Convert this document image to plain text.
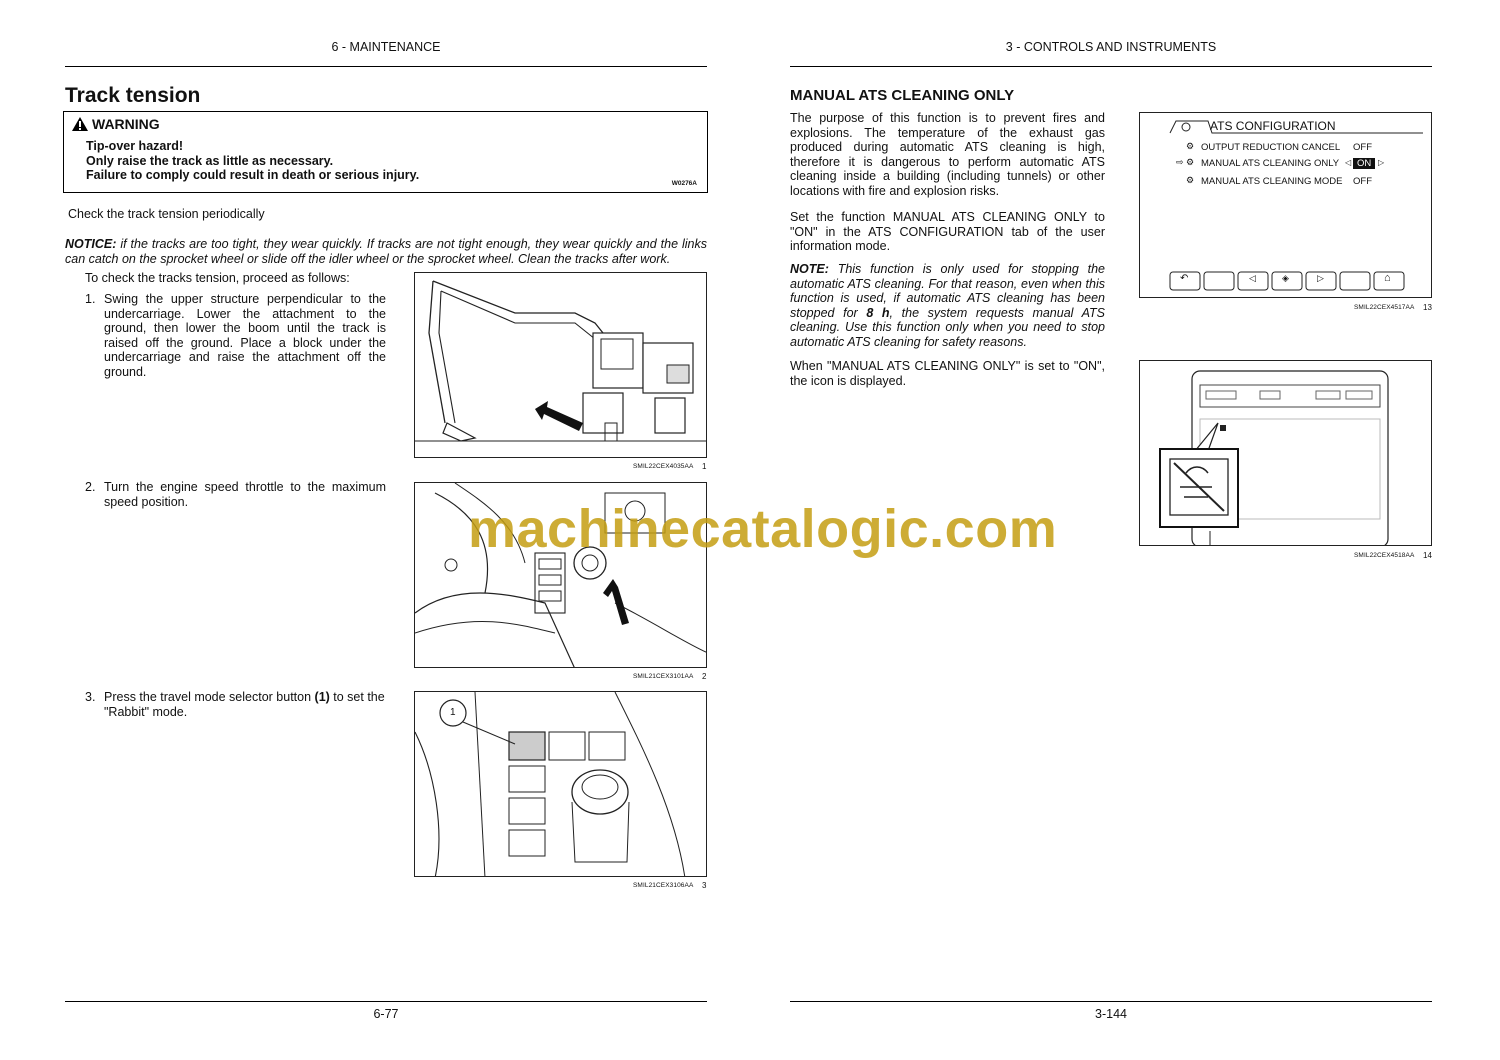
6 - MAINTENANCE
Track tension
WARNING
Tip-over hazard!
Only raise the track as little as necessary.
Failure to comply could result in death or serious injury.
W0276A
Check the track tension periodically
NOTICE: if the tracks are too tight, they wear quickly. If tracks are not tight enough, they wear quickly and the links can catch on the sprocket wheel or slide off the idler wheel or the sprocket wheel. Clean the tracks after work.
To check the tracks tension, proceed as follows:
1. Swing the upper structure perpendicular to the undercarriage. Lower the attachment to the ground, then lower the boom until the track is raised off the ground. Place a block under the undercarriage and raise the attachment off the ground.
2. Turn the engine speed throttle to the maximum speed position.
3. Press the travel mode selector button (1) to set the "Rabbit" mode.
SMIL22CEX4035AA 1
SMIL21CEX3101AA 2
1
SMIL21CEX3106AA 3
6-77
3 - CONTROLS AND INSTRUMENTS
MANUAL ATS CLEANING ONLY
The purpose of this function is to prevent fires and explosions. The temperature of the exhaust gas produced during automatic ATS cleaning is high, therefore it is dangerous to perform automatic ATS cleaning inside a building (including tunnels) or other locations with fire and explosion risks.
Set the function MANUAL ATS CLEANING ONLY to "ON" in the ATS CONFIGURATION tab of the user information mode.
NOTE: This function is only used for stopping the automatic ATS cleaning. For that reason, even when this function is used, if automatic ATS cleaning has been stopped for 8 h, the system requests manual ATS cleaning. Use this function only when you need to stop automatic ATS cleaning for safety reasons.
When "MANUAL ATS CLEANING ONLY" is set to "ON", the icon is displayed.
ATS CONFIGURATION
⚙ OUTPUT REDUCTION CANCEL OFF
⇨ ⚙ MANUAL ATS CLEANING ONLY ◁ ON ▷
⚙ MANUAL ATS CLEANING MODE OFF
↶	◁	◈	▷	⌂
SMIL22CEX4517AA 13
SMIL22CEX4518AA 14
3-144
machinecatalogic.com
